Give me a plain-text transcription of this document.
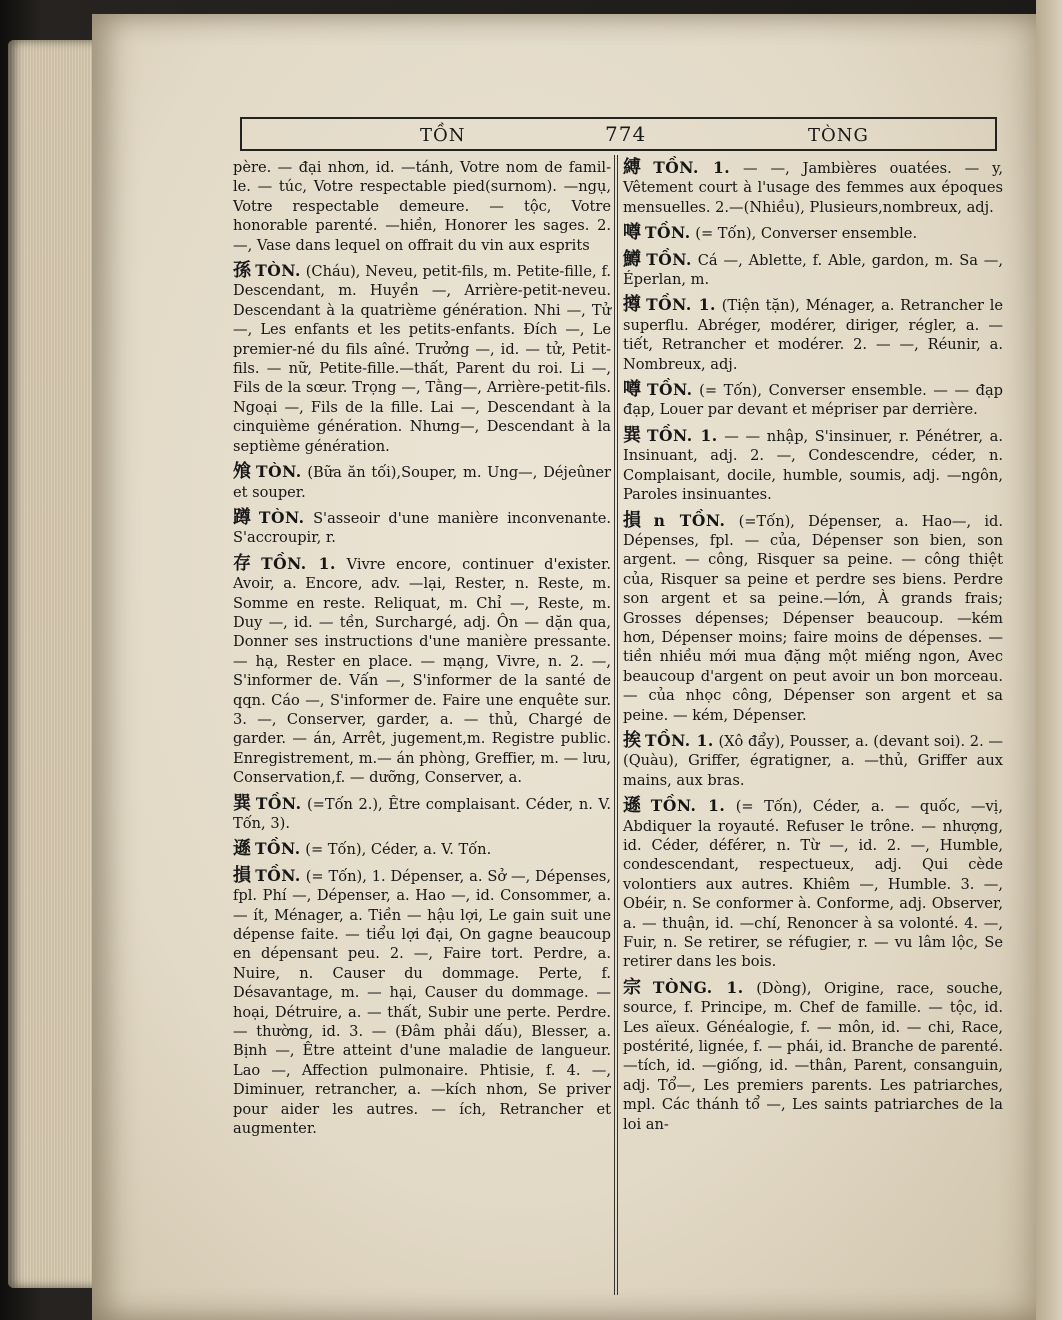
TỒN	774	TÒNG

père. — đại nhơn, id. —tánh, Votre nom de famil-le. — túc, Votre respectable pied(surnom). —ngụ, Votre respectable demeure. — tộc, Votre honorable parenté. —hiền, Honorer les sages. 2. —, Vase dans lequel on offrait du vin aux esprits

孫 TÒN. (Cháu), Neveu, petit-fils, m. Petite-fille, f. Descendant, m. Huyền —, Arrière-petit-neveu. Descendant à la quatrième génération. Nhi —, Tử —, Les enfants et les petits-enfants. Đích —, Le premier-né du fils aîné. Trưởng —, id. — tử, Petit-fils. — nữ, Petite-fille.—thất, Parent du roi. Li —, Fils de la sœur. Trọng —, Tằng—, Arrière-petit-fils. Ngoại —, Fils de la fille. Lai —, Descendant à la cinquième génération. Nhưng—, Descendant à la septième génération.

飧 TÒN. (Bữa ăn tối),Souper, m. Ung—, Déjeûner et souper.

蹲 TÒN. S'asseoir d'une manière inconvenante. S'accroupir, r.

存 TỒN. 1. Vivre encore, continuer d'exister. Avoir, a. Encore, adv. —lại, Rester, n. Reste, m. Somme en reste. Reliquat, m. Chỉ —, Reste, m. Duy —, id. — tền, Surchargé, adj. Ôn — dặn qua, Donner ses instructions d'une manière pressante. — hạ, Rester en place. — mạng, Vivre, n. 2. —, S'informer de. Vấn —, S'informer de la santé de qqn. Cáo —, S'informer de. Faire une enquête sur. 3. —, Conserver, garder, a. — thủ, Chargé de garder. — án, Arrêt, jugement,m. Registre public. Enregistrement, m.— án phòng, Greffier, m. — lưu, Conservation,f. — dưỡng, Conserver, a.

巽 TỒN. (=Tốn 2.), Être complaisant. Céder, n. V. Tốn, 3).

遜 TỒN. (= Tốn), Céder, a. V. Tốn.

損 TỒN. (= Tốn), 1. Dépenser, a. Sở —, Dépenses, fpl. Phí —, Dépenser, a. Hao —, id. Consommer, a. — ít, Ménager, a. Tiền — hậu lợi, Le gain suit une dépense faite. — tiểu lợi đại, On gagne beaucoup en dépensant peu. 2. —, Faire tort. Perdre, a. Nuire, n. Causer du dommage. Perte, f. Désavantage, m. — hại, Causer du dommage. — hoại, Détruire, a. — thất, Subir une perte. Perdre. — thường, id. 3. — (Đâm phải dấu), Blesser, a. Bịnh —, Être atteint d'une maladie de langueur. Lao —, Affection pulmonaire. Phtisie, f. 4. —, Diminuer, retrancher, a. —kích nhơn, Se priver pour aider les autres. — ích, Retrancher et augmenter.

縛 TỒN. 1. — —, Jambières ouatées. — y, Vêtement court à l'usage des femmes aux époques mensuelles. 2.—(Nhiều), Plusieurs,nombreux, adj.

噂 TỒN. (= Tốn), Converser ensemble.

鱒 TỒN. Cá —, Ablette, f. Able, gardon, m. Sa —, Éperlan, m.

撙 TỒN. 1. (Tiện tặn), Ménager, a. Retrancher le superflu. Abréger, modérer, diriger, régler, a. — tiết, Retrancher et modérer. 2. — —, Réunir, a. Nombreux, adj.

噂 TỒN. (= Tốn), Converser ensemble. — — đạp đạp, Louer par devant et mépriser par derrière.

巽 TỒN. 1. — — nhập, S'insinuer, r. Pénétrer, a. Insinuant, adj. 2. —, Condescendre, céder, n. Complaisant, docile, humble, soumis, adj. —ngôn, Paroles insinuantes.

損 n TỒN. (=Tốn), Dépenser, a. Hao—, id. Dépenses, fpl. — của, Dépenser son bien, son argent. — công, Risquer sa peine. — công thiệt của, Risquer sa peine et perdre ses biens. Perdre son argent et sa peine.—lớn, À grands frais; Grosses dépenses; Dépenser beaucoup. —kém hơn, Dépenser moins; faire moins de dépenses. — tiền nhiều mới mua đặng một miếng ngon, Avec beaucoup d'argent on peut avoir un bon morceau. — của nhọc công, Dépenser son argent et sa peine. — kém, Dépenser.

挨 TỒN. 1. (Xô đẩy), Pousser, a. (devant soi). 2. — (Quàu), Griffer, égratigner, a. —thủ, Griffer aux mains, aux bras.

遜 TỒN. 1. (= Tốn), Céder, a. — quốc, —vị, Abdiquer la royauté. Refuser le trône. — nhượng, id. Céder, déférer, n. Từ —, id. 2. —, Humble, condescendant, respectueux, adj. Qui cède volontiers aux autres. Khiêm —, Humble. 3. —, Obéir, n. Se conformer à. Conforme, adj. Observer, a. — thuận, id. —chí, Renoncer à sa volonté. 4. —, Fuir, n. Se retirer, se réfugier, r. — vu lâm lộc, Se retirer dans les bois.

宗 TÒNG. 1. (Dòng), Origine, race, souche, source, f. Principe, m. Chef de famille. — tộc, id. Les aïeux. Généalogie, f. — môn, id. — chi, Race, postérité, lignée, f. — phái, id. Branche de parenté. —tích, id. —giống, id. —thân, Parent, consanguin, adj. Tổ—, Les premiers parents. Les patriarches, mpl. Các thánh tổ —, Les saints patriarches de la loi an-
